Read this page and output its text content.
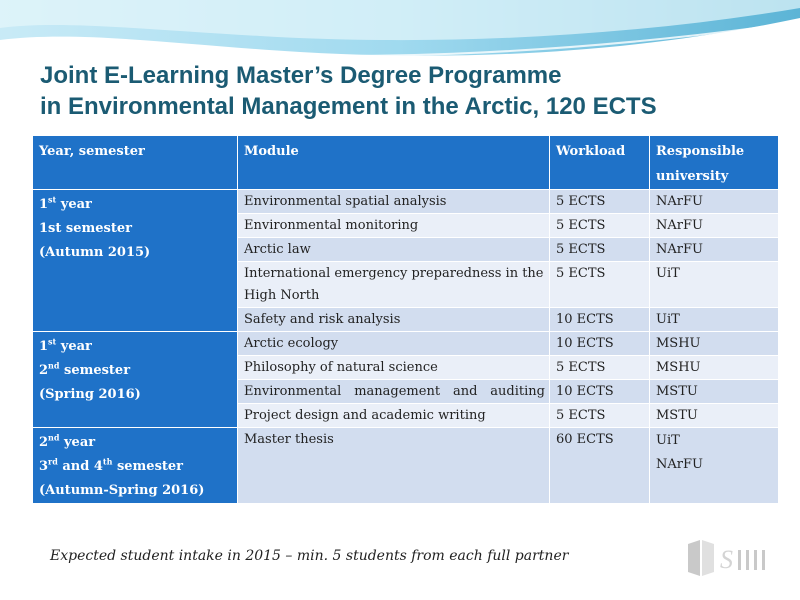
Joint E-Learning Master’s Degree Programme
in Environmental Management in the Arctic, 120 ECTS
Year, semester	Module	Workload	Responsible university

1st year
1st semester
(Autumn 2015)	Environmental spatial analysis	5 ECTS	NArFU
	Environmental monitoring	5 ECTS	NArFU
	Arctic law	5 ECTS	NArFU
	International emergency preparedness in the High North	5 ECTS	UiT
	Safety and risk analysis	10 ECTS	UiT

1st year
2nd semester
(Spring 2016)	Arctic ecology	10 ECTS	MSHU
	Philosophy of natural science	5 ECTS	MSHU
	Environmental management and auditing	10 ECTS	MSTU
	Project design and academic writing	5 ECTS	MSTU

2nd year
3rd and 4th semester
(Autumn-Spring 2016)	Master thesis	60 ECTS	UiT
NArFU
Expected student intake in 2015 – min. 5 students from each full partner	S
